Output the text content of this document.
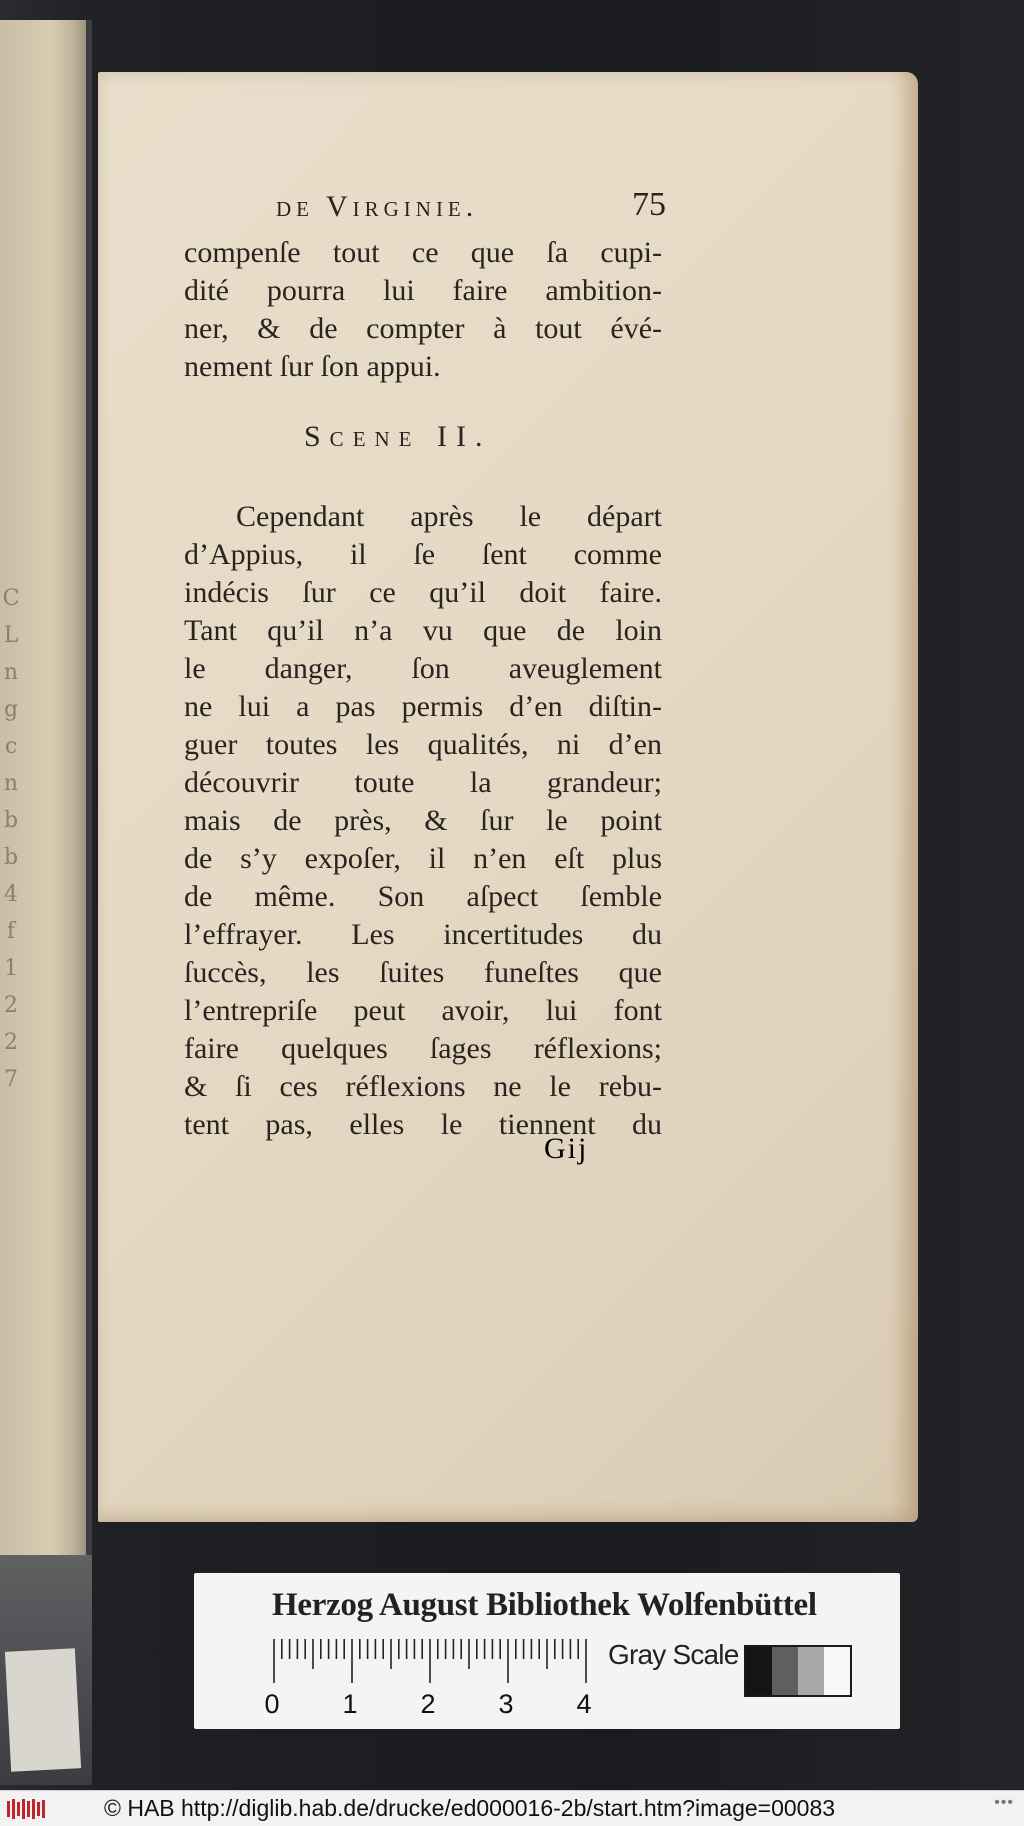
C
L
n
g
c
n
b
b
4
f
1
2
2
7
de Virginie.	75
compenſe tout ce que ſa cupi-
dité pourra lui faire ambition-
ner, & de compter à tout évé-
nement ſur ſon appui.
Scene II.
Cependant après le départ
d’Appius, il ſe ſent comme
indécis ſur ce qu’il doit faire.
Tant qu’il n’a vu que de loin
le danger, ſon aveuglement
ne lui a pas permis d’en diſtin-
guer toutes les qualités, ni d’en
découvrir toute la grandeur;
mais de près, & ſur le point
de s’y expoſer, il n’en eſt plus
de même. Son aſpect ſemble
l’effrayer. Les incertitudes du
ſuccès, les ſuites funeſtes que
l’entrepriſe peut avoir, lui font
faire quelques ſages réflexions;
& ſi ces réflexions ne le rebu-
tent pas, elles le tiennent du
Gij
Herzog August Bibliothek Wolfenbüttel
0 1 2 3 4
Gray Scale
© HAB http://diglib.hab.de/drucke/ed000016-2b/start.htm?image=00083	•••
